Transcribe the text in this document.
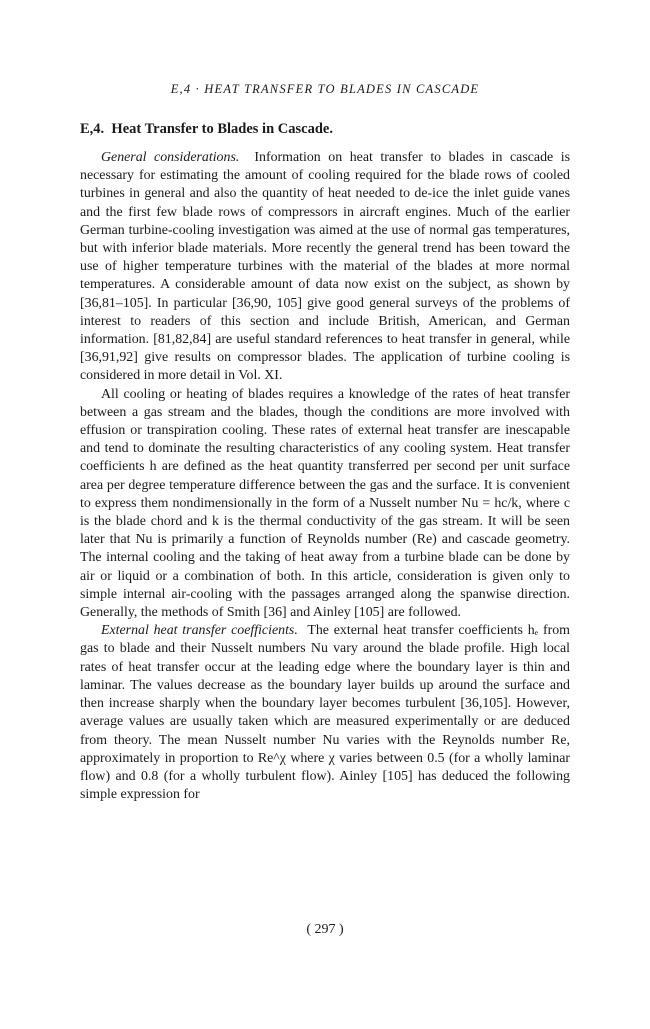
E,4 · HEAT TRANSFER TO BLADES IN CASCADE
E,4. Heat Transfer to Blades in Cascade.

General considerations. Information on heat transfer to blades in cascade is necessary for estimating the amount of cooling required for the blade rows of cooled turbines in general and also the quantity of heat needed to de-ice the inlet guide vanes and the first few blade rows of compressors in aircraft engines. Much of the earlier German turbine-cooling investigation was aimed at the use of normal gas temperatures, but with inferior blade materials. More recently the general trend has been toward the use of higher temperature turbines with the material of the blades at more normal temperatures. A considerable amount of data now exist on the subject, as shown by [36,81–105]. In particular [36,90, 105] give good general surveys of the problems of interest to readers of this section and include British, American, and German information. [81,82,84] are useful standard references to heat transfer in general, while [36,91,92] give results on compressor blades. The application of turbine cooling is considered in more detail in Vol. XI.

All cooling or heating of blades requires a knowledge of the rates of heat transfer between a gas stream and the blades, though the conditions are more involved with effusion or transpiration cooling. These rates of external heat transfer are inescapable and tend to dominate the resulting characteristics of any cooling system. Heat transfer coefficients h are defined as the heat quantity transferred per second per unit surface area per degree temperature difference between the gas and the surface. It is convenient to express them nondimensionally in the form of a Nusselt number Nu = hc/k, where c is the blade chord and k is the thermal conductivity of the gas stream. It will be seen later that Nu is primarily a function of Reynolds number (Re) and cascade geometry. The internal cooling and the taking of heat away from a turbine blade can be done by air or liquid or a combination of both. In this article, consideration is given only to simple internal air-cooling with the passages arranged along the spanwise direction. Generally, the methods of Smith [36] and Ainley [105] are followed.

External heat transfer coefficients. The external heat transfer coefficients hₑ from gas to blade and their Nusselt numbers Nu vary around the blade profile. High local rates of heat transfer occur at the leading edge where the boundary layer is thin and laminar. The values decrease as the boundary layer builds up around the surface and then increase sharply when the boundary layer becomes turbulent [36,105]. However, average values are usually taken which are measured experimentally or are deduced from theory. The mean Nusselt number Nu varies with the Reynolds number Re, approximately in proportion to Re^χ where χ varies between 0.5 (for a wholly laminar flow) and 0.8 (for a wholly turbulent flow). Ainley [105] has deduced the following simple expression for

( 297 )
